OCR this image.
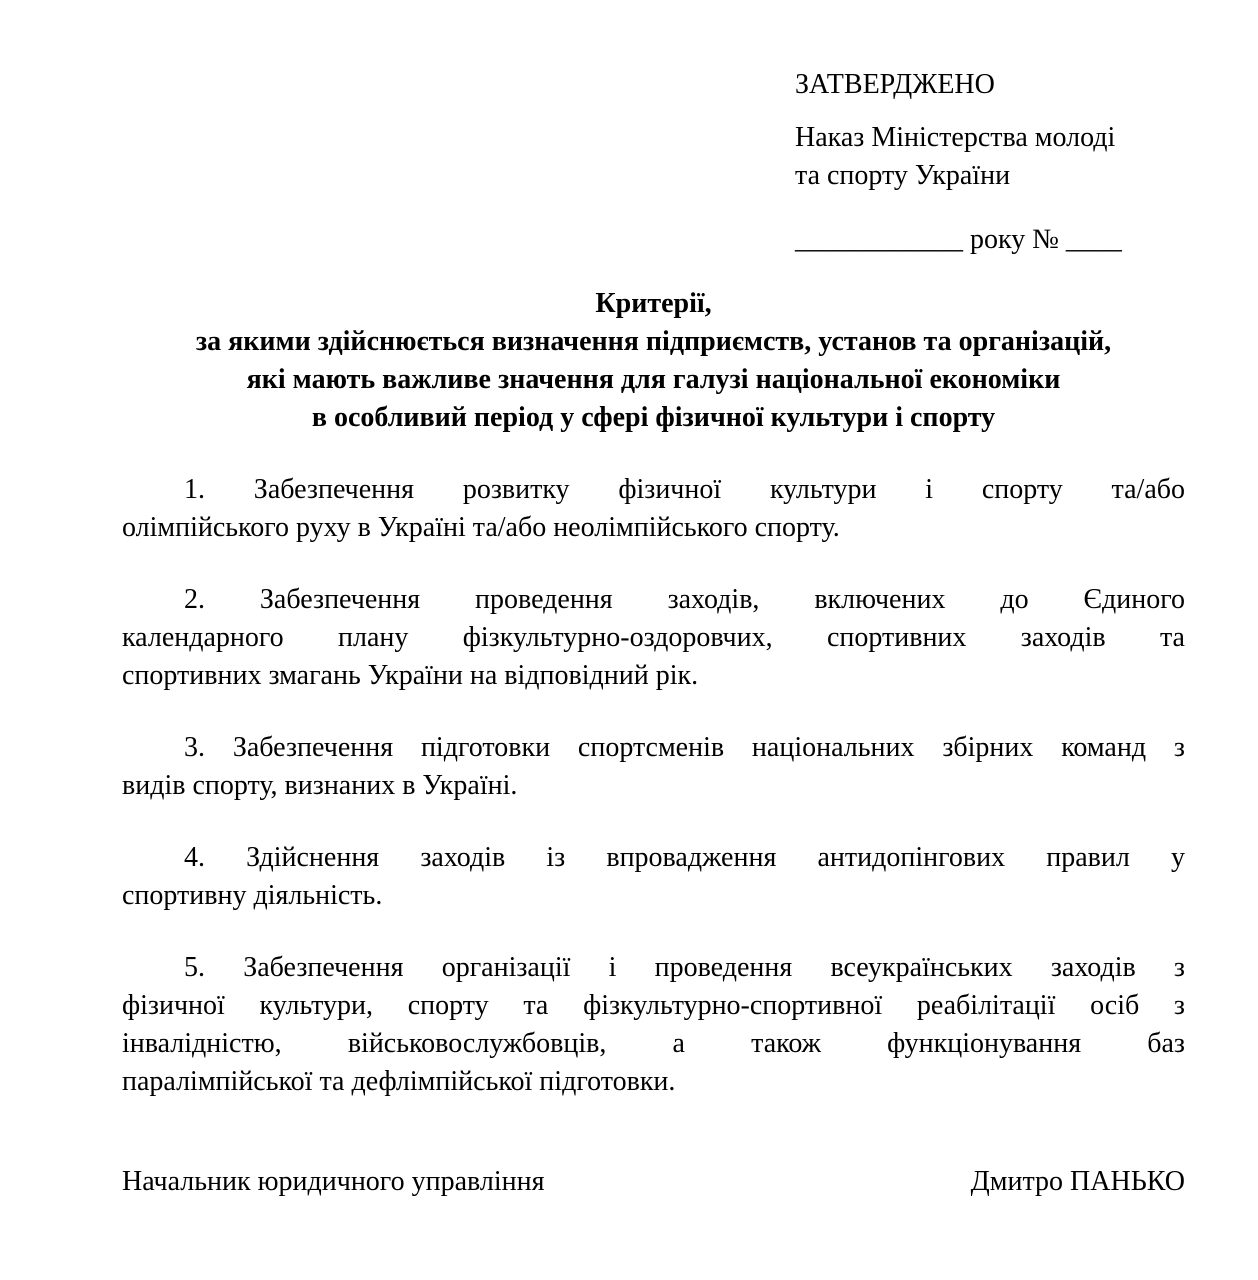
ЗАТВЕРДЖЕНО
Наказ Міністерства молоді
та спорту України
____________ року № ____
Критерії,
за якими здійснюється визначення підприємств, установ та організацій,
які мають важливе значення для галузі національної економіки
в особливий період у сфері фізичної культури і спорту
1. Забезпечення розвитку фізичної культури і спорту та/або
олімпійського руху в Україні та/або неолімпійського спорту.
2. Забезпечення проведення заходів, включених до Єдиного
календарного плану фізкультурно-оздоровчих, спортивних заходів та
спортивних змагань України на відповідний рік.
3. Забезпечення підготовки спортсменів національних збірних команд з
видів спорту, визнаних в Україні.
4. Здійснення заходів із впровадження антидопінгових правил у
спортивну діяльність.
5. Забезпечення організації і проведення всеукраїнських заходів з
фізичної культури, спорту та фізкультурно-спортивної реабілітації осіб з
інвалідністю, військовослужбовців, а також функціонування баз
паралімпійської та дефлімпійської підготовки.
Начальник юридичного управління	Дмитро ПАНЬКО
